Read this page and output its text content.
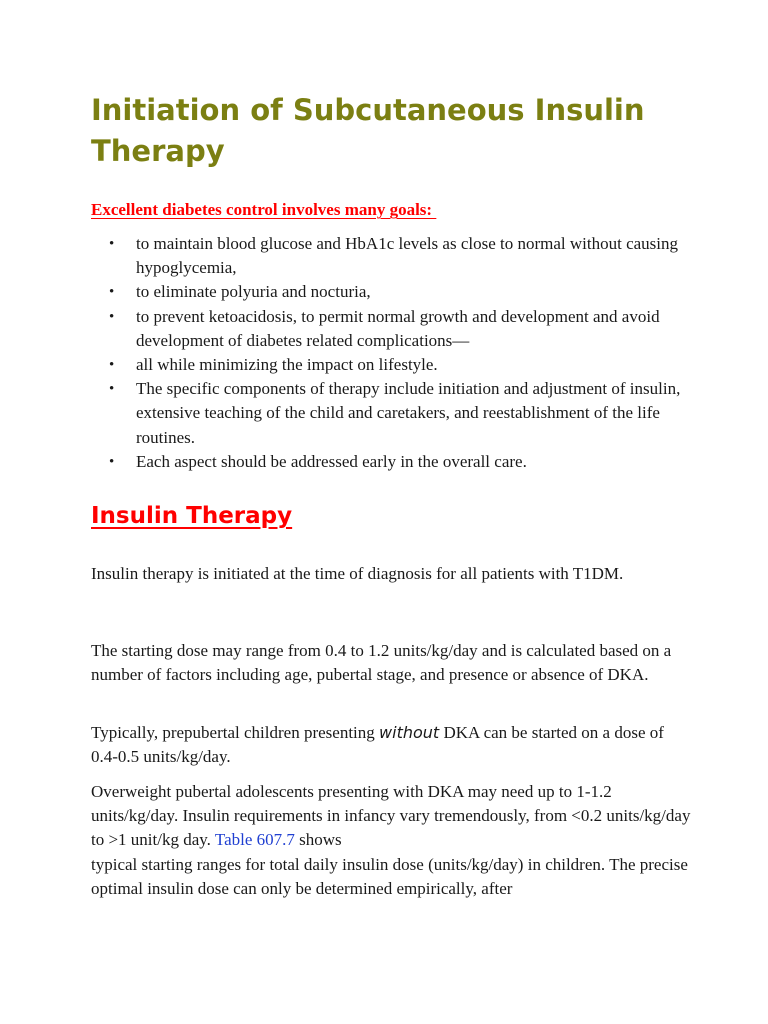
Initiation of Subcutaneous Insulin Therapy

Excellent diabetes control involves many goals:

• to maintain blood glucose and HbA1c levels as close to normal without causing hypoglycemia,
• to eliminate polyuria and nocturia,
• to prevent ketoacidosis, to permit normal growth and development and avoid development of diabetes related complications—
• all while minimizing the impact on lifestyle.
• The specific components of therapy include initiation and adjustment of insulin, extensive teaching of the child and caretakers, and reestablishment of the life routines.
• Each aspect should be addressed early in the overall care.
Insulin Therapy

Insulin therapy is initiated at the time of diagnosis for all patients with T1DM.

The starting dose may range from 0.4 to 1.2 units/kg/day and is calculated based on a number of factors including age, pubertal stage, and presence or absence of DKA.

Typically, prepubertal children presenting without DKA can be started on a dose of 0.4-0.5 units/kg/day.

Overweight pubertal adolescents presenting with DKA may need up to 1-1.2 units/kg/day. Insulin requirements in infancy vary tremendously, from <0.2 units/kg/day to >1 unit/kg day. Table 607.7 shows
typical starting ranges for total daily insulin dose (units/kg/day) in children. The precise optimal insulin dose can only be determined empirically, after
